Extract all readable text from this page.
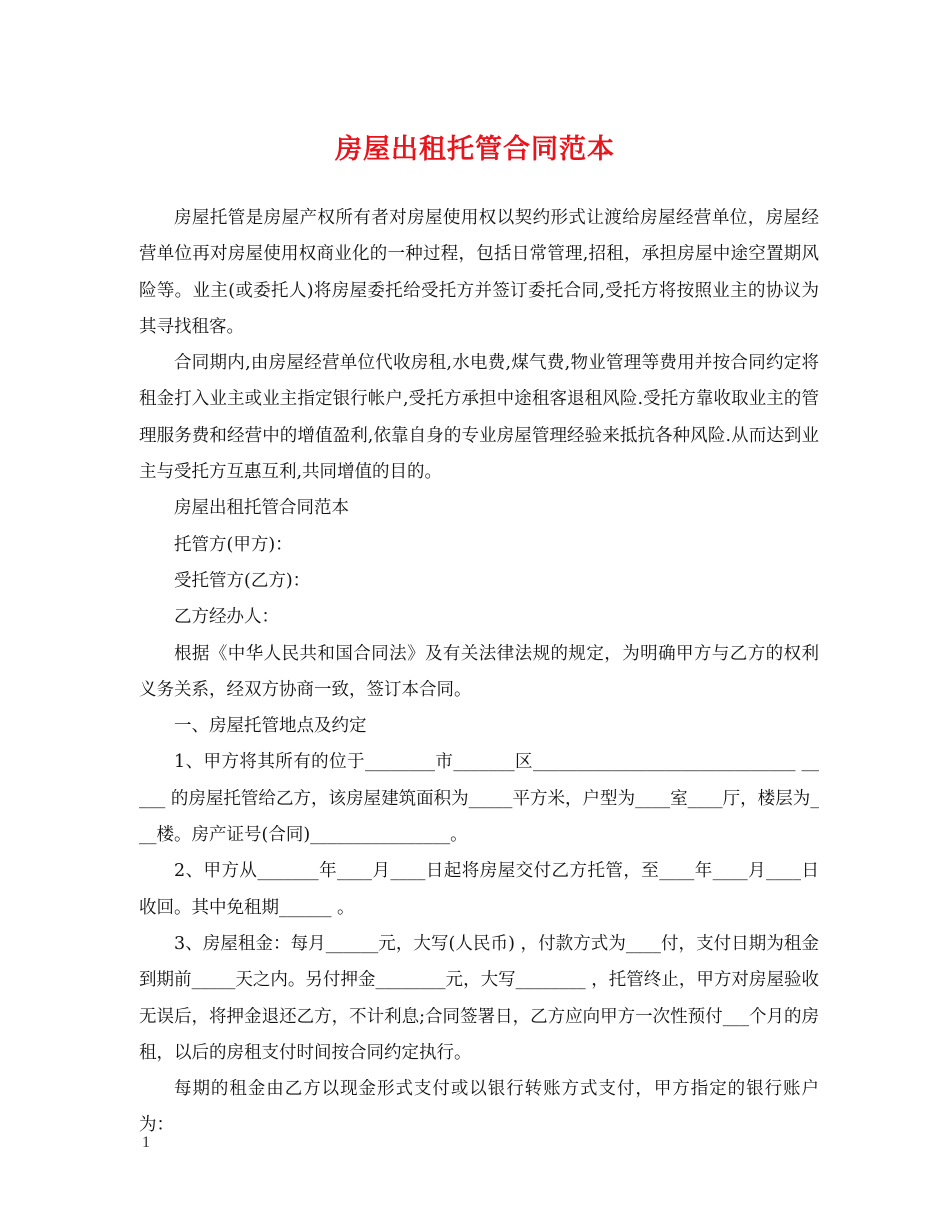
房屋出租托管合同范本

房屋托管是房屋产权所有者对房屋使用权以契约形式让渡给房屋经营单位，房屋经营单位再对房屋使用权商业化的一种过程，包括日常管理,招租，承担房屋中途空置期风险等。业主(或委托人)将房屋委托给受托方并签订委托合同,受托方将按照业主的协议为其寻找租客。

合同期内,由房屋经营单位代收房租,水电费,煤气费,物业管理等费用并按合同约定将租金打入业主或业主指定银行帐户,受托方承担中途租客退租风险.受托方靠收取业主的管理服务费和经营中的增值盈利,依靠自身的专业房屋管理经验来抵抗各种风险.从而达到业主与受托方互惠互利,共同增值的目的。

房屋出租托管合同范本

托管方(甲方)：

受托管方(乙方)：

乙方经办人：

根据《中华人民共和国合同法》及有关法律法规的规定，为明确甲方与乙方的权利义务关系，经双方协商一致，签订本合同。

一、房屋托管地点及约定

1、甲方将其所有的位于________市_______区______________________________ _____ 的房屋托管给乙方，该房屋建筑面积为_____平方米，户型为____室____厅，楼层为___楼。房产证号(合同)________________。

2、甲方从_______年____月____日起将房屋交付乙方托管，至____年____月____日收回。其中免租期______ 。

3、房屋租金：每月______元，大写(人民币) ，付款方式为____付，支付日期为租金到期前_____天之内。另付押金________元，大写________ ，托管终止，甲方对房屋验收无误后，将押金退还乙方，不计利息;合同签署日，乙方应向甲方一次性预付___个月的房租，以后的房租支付时间按合同约定执行。

每期的租金由乙方以现金形式支付或以银行转账方式支付，甲方指定的银行账户为：

1
